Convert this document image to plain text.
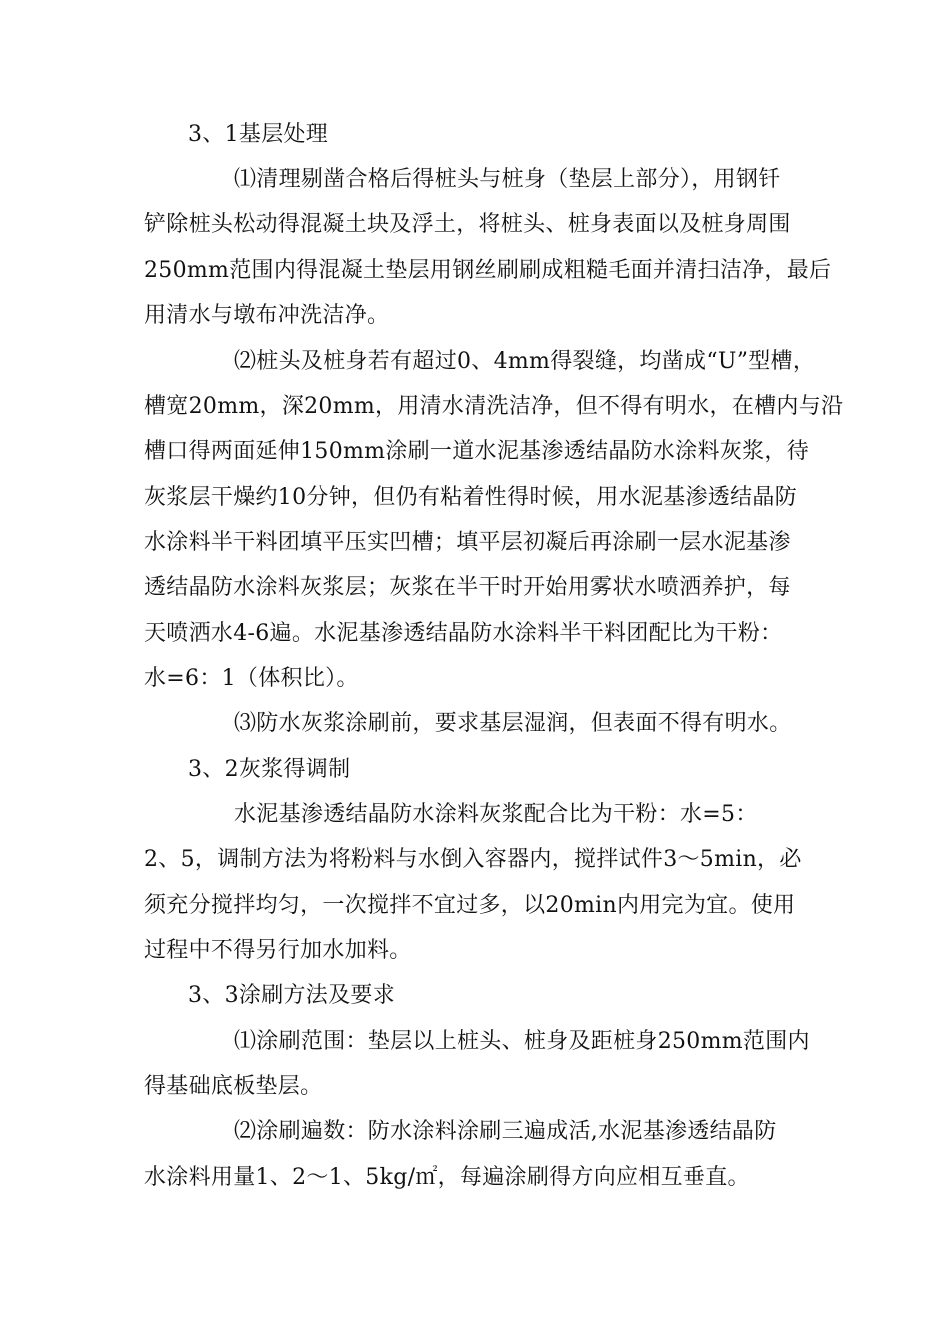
3、1基层处理
⑴清理剔凿合格后得桩头与桩身（垫层上部分），用钢钎
铲除桩头松动得混凝土块及浮土，将桩头、桩身表面以及桩身周围
250mm范围内得混凝土垫层用钢丝刷刷成粗糙毛面并清扫洁净，最后
用清水与墩布冲洗洁净。
⑵桩头及桩身若有超过0、4mm得裂缝，均凿成“U”型槽，
槽宽20mm，深20mm，用清水清洗洁净，但不得有明水，在槽内与沿
槽口得两面延伸150mm涂刷一道水泥基渗透结晶防水涂料灰浆，待
灰浆层干燥约10分钟，但仍有粘着性得时候，用水泥基渗透结晶防
水涂料半干料团填平压实凹槽；填平层初凝后再涂刷一层水泥基渗
透结晶防水涂料灰浆层；灰浆在半干时开始用雾状水喷洒养护，每
天喷洒水4-6遍。水泥基渗透结晶防水涂料半干料团配比为干粉：
水=6：1（体积比）。
⑶防水灰浆涂刷前，要求基层湿润，但表面不得有明水。
3、2灰浆得调制
水泥基渗透结晶防水涂料灰浆配合比为干粉：水=5：
2、5，调制方法为将粉料与水倒入容器内，搅拌试件3～5min，必
须充分搅拌均匀，一次搅拌不宜过多，以20min内用完为宜。使用
过程中不得另行加水加料。
3、3涂刷方法及要求
⑴涂刷范围：垫层以上桩头、桩身及距桩身250mm范围内
得基础底板垫层。
⑵涂刷遍数：防水涂料涂刷三遍成活,水泥基渗透结晶防
水涂料用量1、2～1、5kg/㎡，每遍涂刷得方向应相互垂直。
